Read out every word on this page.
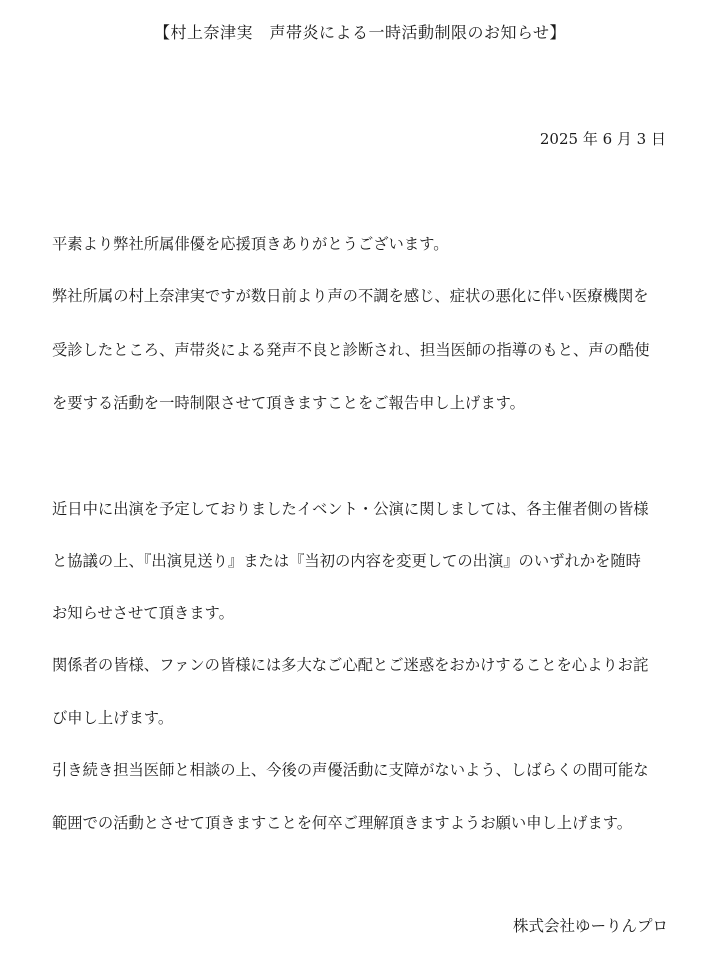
【村上奈津実　声帯炎による一時活動制限のお知らせ】
2025 年 6 月 3 日

平素より弊社所属俳優を応援頂きありがとうございます。

弊社所属の村上奈津実ですが数日前より声の不調を感じ、症状の悪化に伴い医療機関を

受診したところ、声帯炎による発声不良と診断され、担当医師の指導のもと、声の酷使

を要する活動を一時制限させて頂きますことをご報告申し上げます。

近日中に出演を予定しておりましたイベント・公演に関しましては、各主催者側の皆様

と協議の上、『出演見送り』または『当初の内容を変更しての出演』のいずれかを随時

お知らせさせて頂きます。

関係者の皆様、ファンの皆様には多大なご心配とご迷惑をおかけすることを心よりお詫

び申し上げます。

引き続き担当医師と相談の上、今後の声優活動に支障がないよう、しばらくの間可能な

範囲での活動とさせて頂きますことを何卒ご理解頂きますようお願い申し上げます。

株式会社ゆーりんプロ
